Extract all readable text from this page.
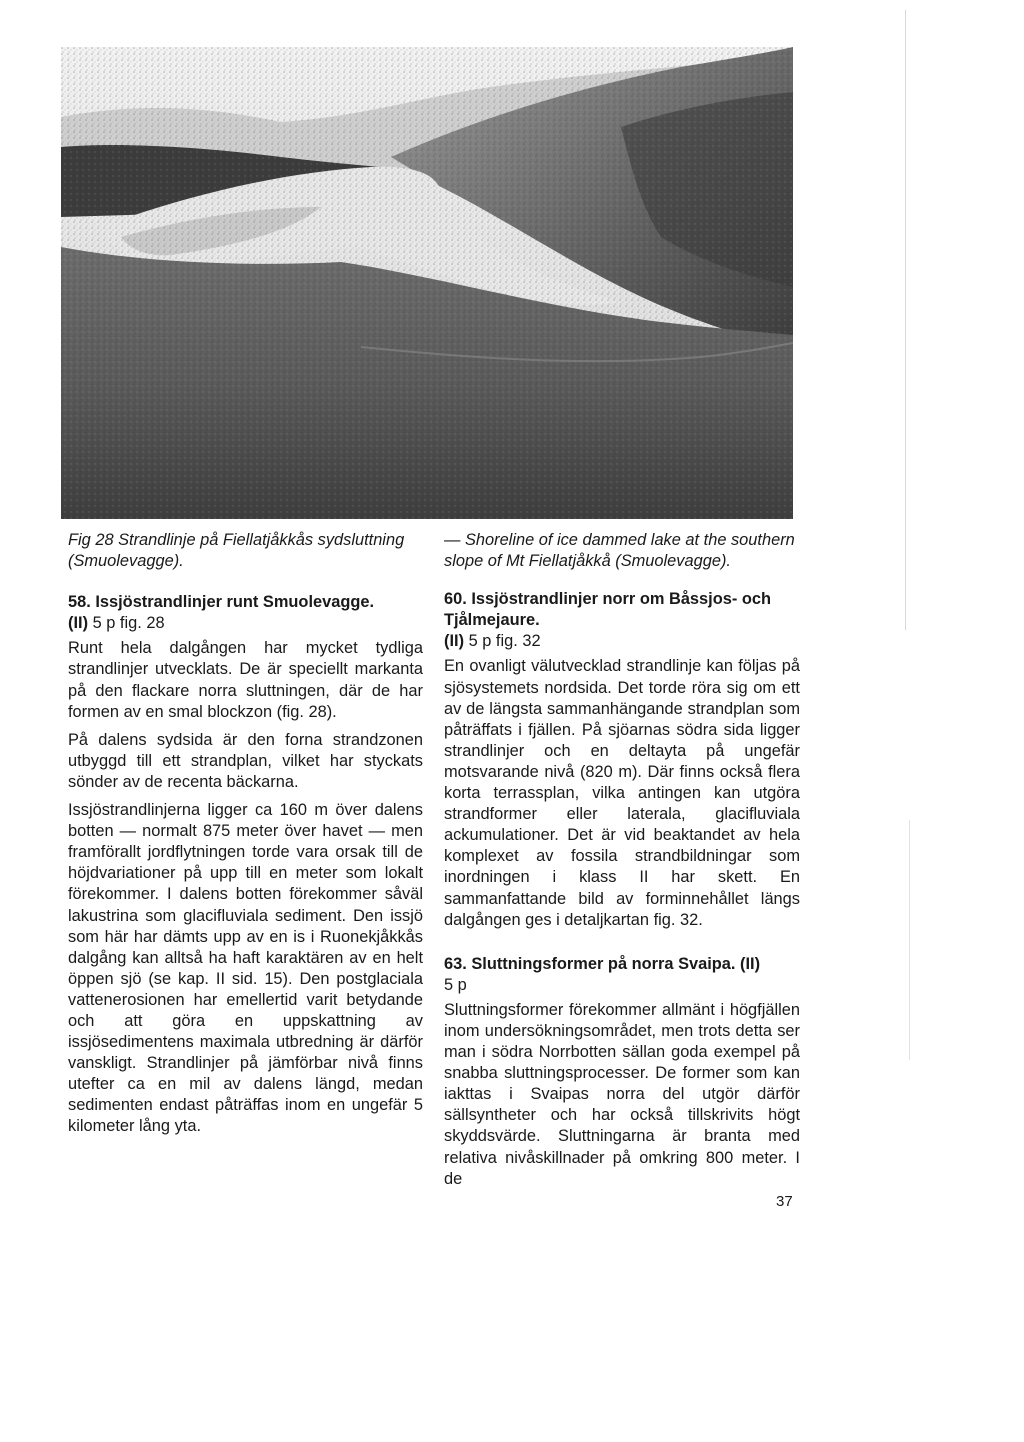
Fig 28 Strandlinje på Fiellatjåkkås sydsluttning (Smuolevagge).

58. Issjöstrandlinjer runt Smuolevagge.

(II) 5 p fig. 28

Runt hela dalgången har mycket tydliga strandlinjer utvecklats. De är speciellt markanta på den flackare norra sluttningen, där de har formen av en smal blockzon (fig. 28).

På dalens sydsida är den forna strandzonen utbyggd till ett strandplan, vilket har styckats sönder av de recenta bäckarna.

Issjöstrandlinjerna ligger ca 160 m över dalens botten — normalt 875 meter över havet — men framförallt jordflytningen torde vara orsak till de höjdvariationer på upp till en meter som lokalt förekommer. I dalens botten förekommer såväl lakustrina som glacifluviala sediment. Den issjö som här har dämts upp av en is i Ruonekjåkkås dalgång kan alltså ha haft karaktären av en helt öppen sjö (se kap. II sid. 15). Den postglaciala vattenerosionen har emellertid varit betydande och att göra en uppskattning av issjösedimentens maximala utbredning är därför vanskligt. Strandlinjer på jämförbar nivå finns utefter ca en mil av dalens längd, medan sedimenten endast påträffas inom en ungefär 5 kilometer lång yta.

— Shoreline of ice dammed lake at the southern slope of Mt Fiellatjåkkå (Smuolevagge).

60. Issjöstrandlinjer norr om Båssjos- och Tjålmejaure.

(II) 5 p fig. 32

En ovanligt välutvecklad strandlinje kan följas på sjösystemets nordsida. Det torde röra sig om ett av de längsta sammanhängande strandplan som påträffats i fjällen. På sjöarnas södra sida ligger strandlinjer och en deltayta på ungefär motsvarande nivå (820 m). Där finns också flera korta terrassplan, vilka antingen kan utgöra strandformer eller laterala, glacifluviala ackumulationer. Det är vid beaktandet av hela komplexet av fossila strandbildningar som inordningen i klass II har skett. En sammanfattande bild av forminnehållet längs dalgången ges i detaljkartan fig. 32.

63. Sluttningsformer på norra Svaipa. (II)

5 p

Sluttningsformer förekommer allmänt i högfjällen inom undersökningsområdet, men trots detta ser man i södra Norrbotten sällan goda exempel på snabba sluttningsprocesser. De former som kan iakttas i Svaipas norra del utgör därför sällsyntheter och har också tillskrivits högt skyddsvärde. Sluttningarna är branta med relativa nivåskillnader på omkring 800 meter. I de

37
